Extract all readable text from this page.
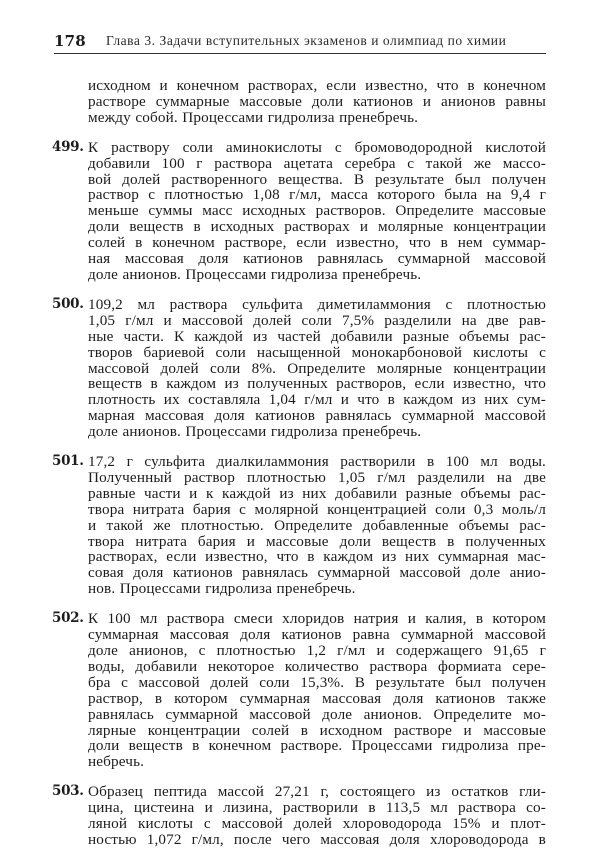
178	Глава 3. Задачи вступительных экзаменов и олимпиад по химии
исходном и конечном растворах, если известно, что в конечном
растворе суммарные массовые доли катионов и анионов равны
между собой. Процессами гидролиза пренебречь.
499. К раствору соли аминокислоты с бромоводородной кислотой
добавили 100 г раствора ацетата серебра с такой же массо-
вой долей растворенного вещества. В результате был получен
раствор с плотностью 1,08 г/мл, масса которого была на 9,4 г
меньше суммы масс исходных растворов. Определите массовые
доли веществ в исходных растворах и молярные концентрации
солей в конечном растворе, если известно, что в нем суммар-
ная массовая доля катионов равнялась суммарной массовой
доле анионов. Процессами гидролиза пренебречь.
500. 109,2 мл раствора сульфита диметиламмония с плотностью
1,05 г/мл и массовой долей соли 7,5% разделили на две рав-
ные части. К каждой из частей добавили разные объемы рас-
творов бариевой соли насыщенной монокарбоновой кислоты с
массовой долей соли 8%. Определите молярные концентрации
веществ в каждом из полученных растворов, если известно, что
плотность их составляла 1,04 г/мл и что в каждом из них сум-
марная массовая доля катионов равнялась суммарной массовой
доле анионов. Процессами гидролиза пренебречь.
501. 17,2 г сульфита диалкиламмония растворили в 100 мл воды.
Полученный раствор плотностью 1,05 г/мл разделили на две
равные части и к каждой из них добавили разные объемы рас-
твора нитрата бария с молярной концентрацией соли 0,3 моль/л
и такой же плотностью. Определите добавленные объемы рас-
твора нитрата бария и массовые доли веществ в полученных
растворах, если известно, что в каждом из них суммарная мас-
совая доля катионов равнялась суммарной массовой доле анио-
нов. Процессами гидролиза пренебречь.
502. К 100 мл раствора смеси хлоридов натрия и калия, в котором
суммарная массовая доля катионов равна суммарной массовой
доле анионов, с плотностью 1,2 г/мл и содержащего 91,65 г
воды, добавили некоторое количество раствора формиата сере-
бра с массовой долей соли 15,3%. В результате был получен
раствор, в котором суммарная массовая доля катионов также
равнялась суммарной массовой доле анионов. Определите мо-
лярные концентрации солей в исходном растворе и массовые
доли веществ в конечном растворе. Процессами гидролиза пре-
небречь.
503. Образец пептида массой 27,21 г, состоящего из остатков гли-
цина, цистеина и лизина, растворили в 113,5 мл раствора со-
ляной кислоты с массовой долей хлороводорода 15% и плот-
ностью 1,072 г/мл, после чего массовая доля хлороводорода в
